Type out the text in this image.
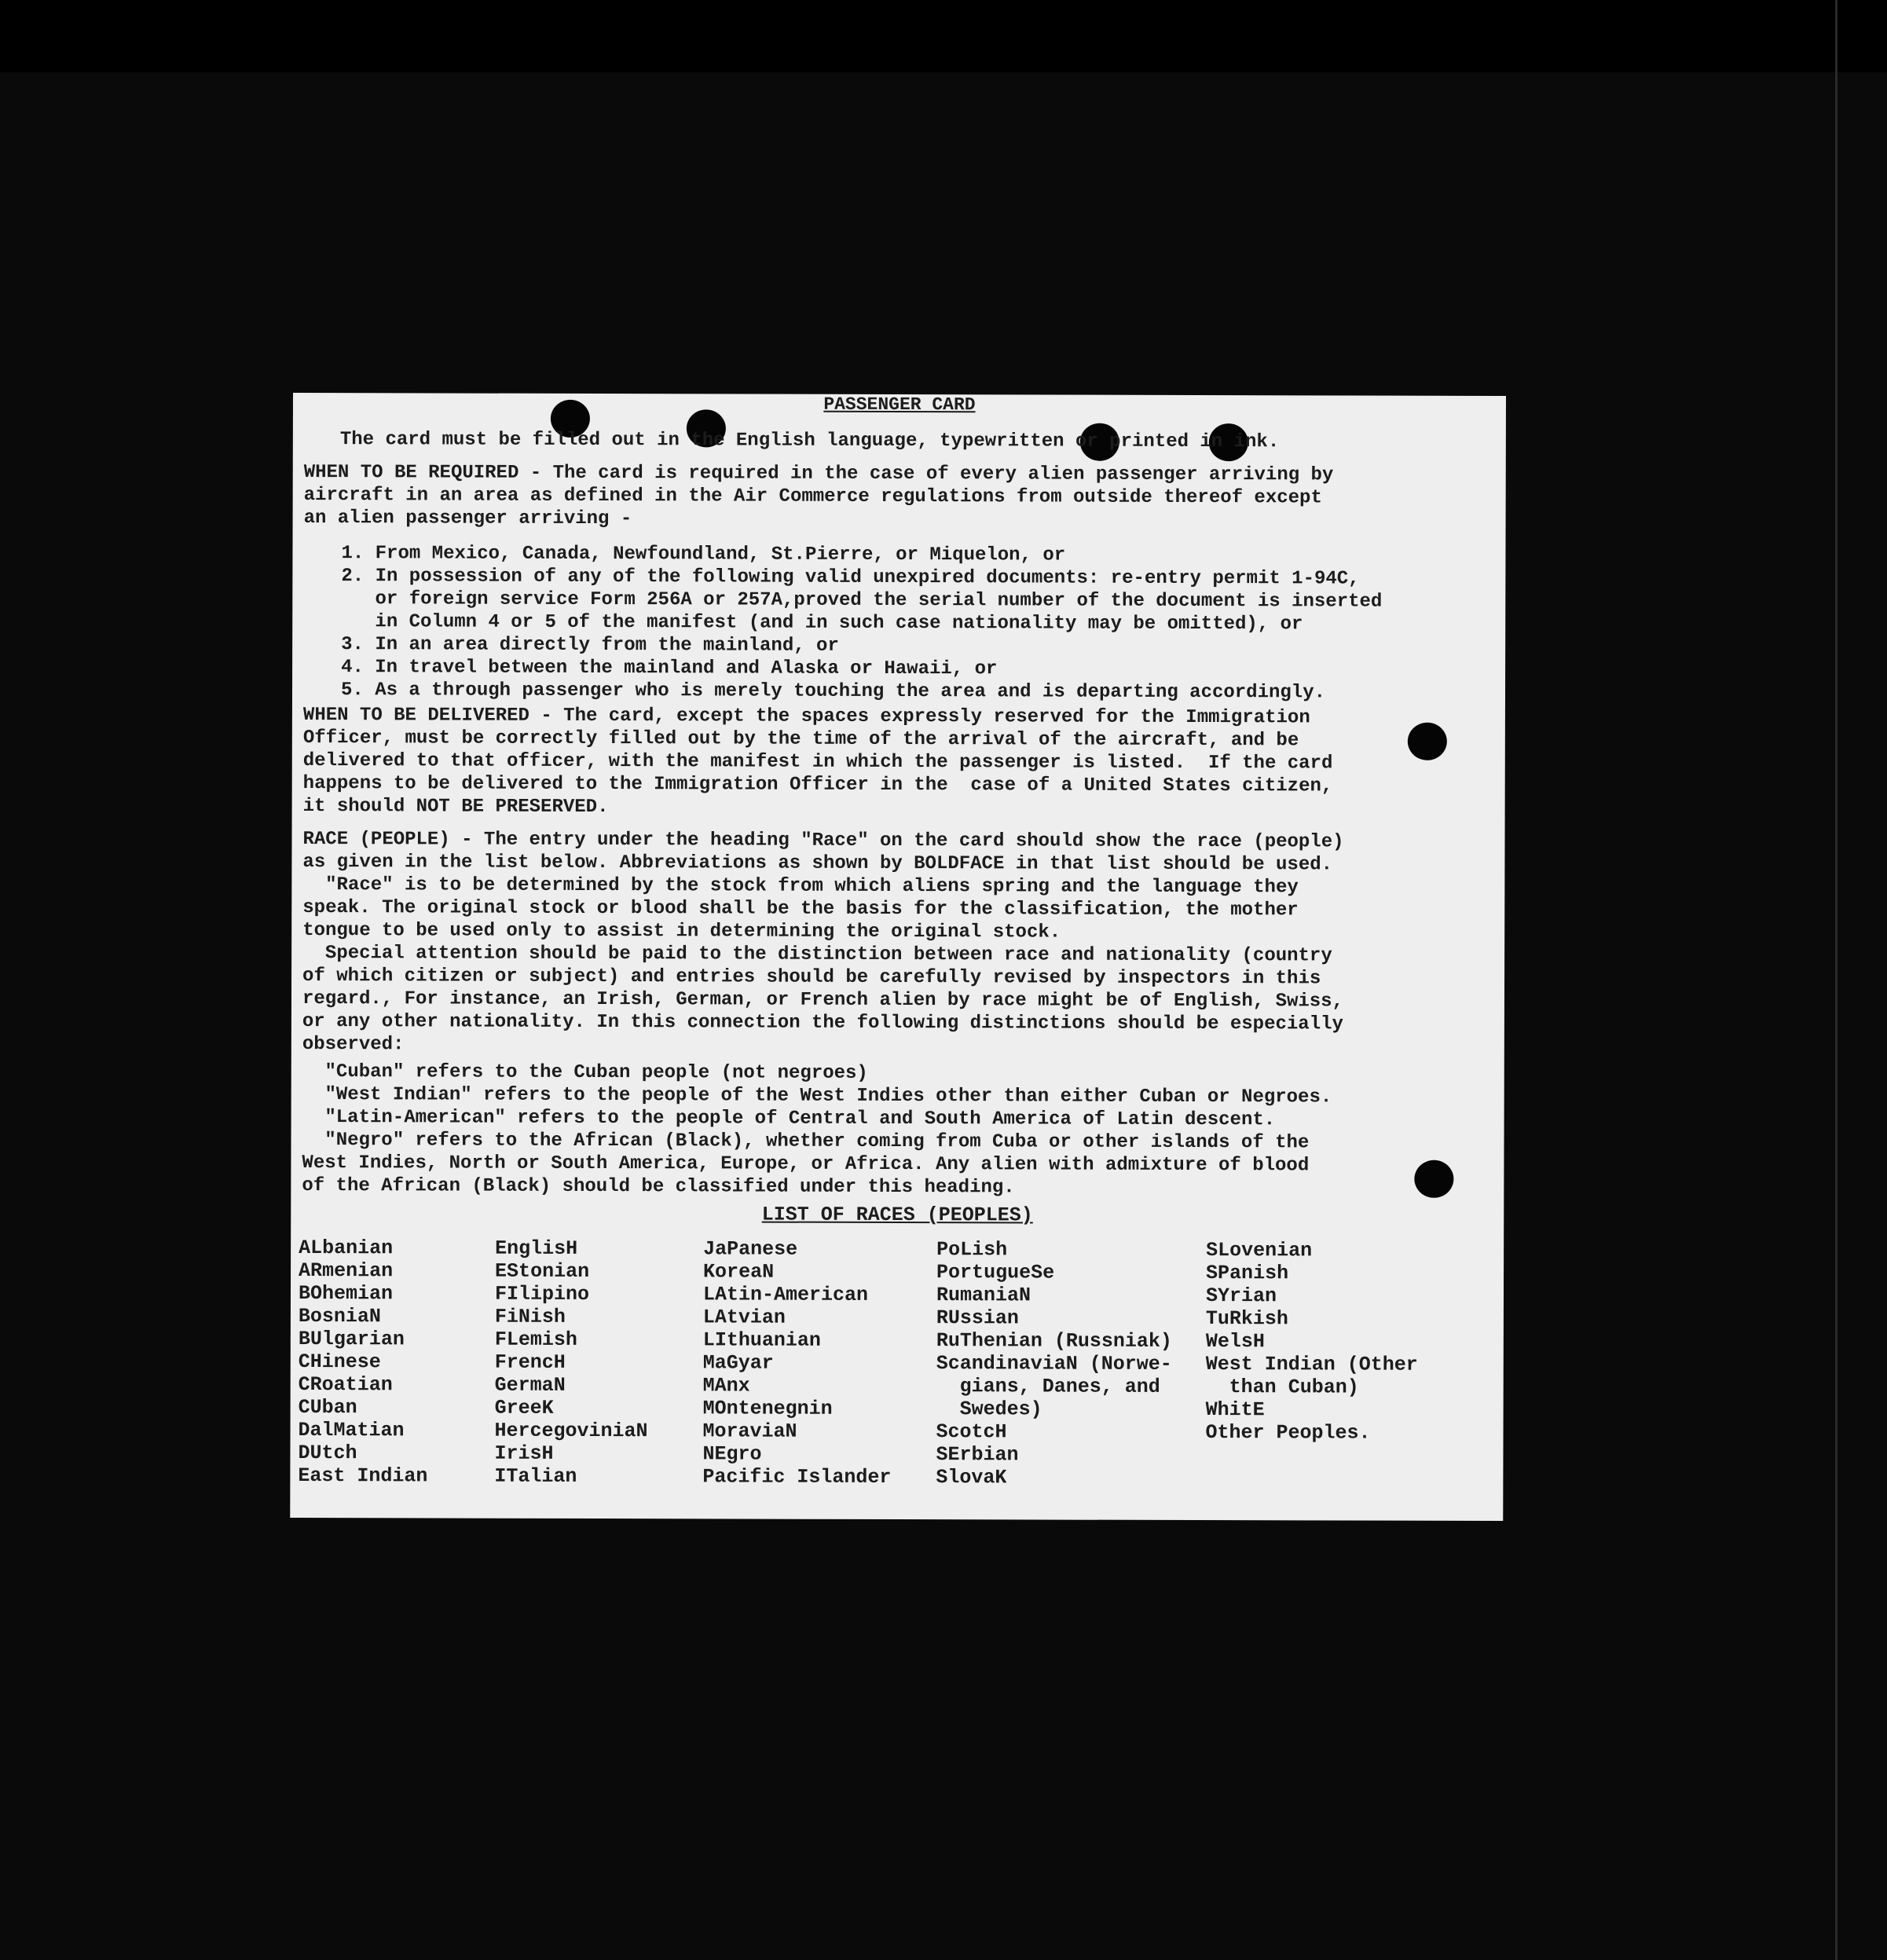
PASSENGER CARD

The card must be filled out in the English language, typewritten or printed in ink.

WHEN TO BE REQUIRED - The card is required in the case of every alien passenger arriving by

aircraft in an area as defined in the Air Commerce regulations from outside thereof except

an alien passenger arriving -

1. From Mexico, Canada, Newfoundland, St.Pierre, or Miquelon, or

2. In possession of any of the following valid unexpired documents: re-entry permit 1-94C,

or foreign service Form 256A or 257A,proved the serial number of the document is inserted

in Column 4 or 5 of the manifest (and in such case nationality may be omitted), or

3. In an area directly from the mainland, or

4. In travel between the mainland and Alaska or Hawaii, or

5. As a through passenger who is merely touching the area and is departing accordingly.

WHEN TO BE DELIVERED - The card, except the spaces expressly reserved for the Immigration

Officer, must be correctly filled out by the time of the arrival of the aircraft, and be

delivered to that officer, with the manifest in which the passenger is listed.  If the card

happens to be delivered to the Immigration Officer in the  case of a United States citizen,

it should NOT BE PRESERVED.

RACE (PEOPLE) - The entry under the heading "Race" on the card should show the race (people)

as given in the list below. Abbreviations as shown by BOLDFACE in that list should be used.

"Race" is to be determined by the stock from which aliens spring and the language they

speak. The original stock or blood shall be the basis for the classification, the mother

tongue to be used only to assist in determining the original stock.

Special attention should be paid to the distinction between race and nationality (country

of which citizen or subject) and entries should be carefully revised by inspectors in this

regard., For instance, an Irish, German, or French alien by race might be of English, Swiss,

or any other nationality. In this connection the following distinctions should be especially

observed:

"Cuban" refers to the Cuban people (not negroes)

"West Indian" refers to the people of the West Indies other than either Cuban or Negroes.

"Latin-American" refers to the people of Central and South America of Latin descent.

"Negro" refers to the African (Black), whether coming from Cuba or other islands of the

West Indies, North or South America, Europe, or Africa. Any alien with admixture of blood

of the African (Black) should be classified under this heading.

LIST OF RACES (PEOPLES)
ALbanian
ARmenian
BOhemian
BosniaN
BUlgarian
CHinese
CRoatian
CUban
DalMatian
DUtch
East Indian
EnglisH
EStonian
FIlipino
FiNish
FLemish
FrencH
GermaN
GreeK
HercegoviniaN
IrisH
ITalian
JaPanese
KoreaN
LAtin-American
LAtvian
LIthuanian
MaGyar
MAnx
MOntenegnin
MoraviaN
NEgro
Pacific Islander
PoLish
PortugueSe
RumaniaN
RUssian
RuThenian (Russniak)
ScandinaviaN (Norwe-
gians, Danes, and
Swedes)
ScotcH
SErbian
SlovaK
SLovenian
SPanish
SYrian
TuRkish
WelsH
West Indian (Other
than Cuban)
WhitE
Other Peoples.
